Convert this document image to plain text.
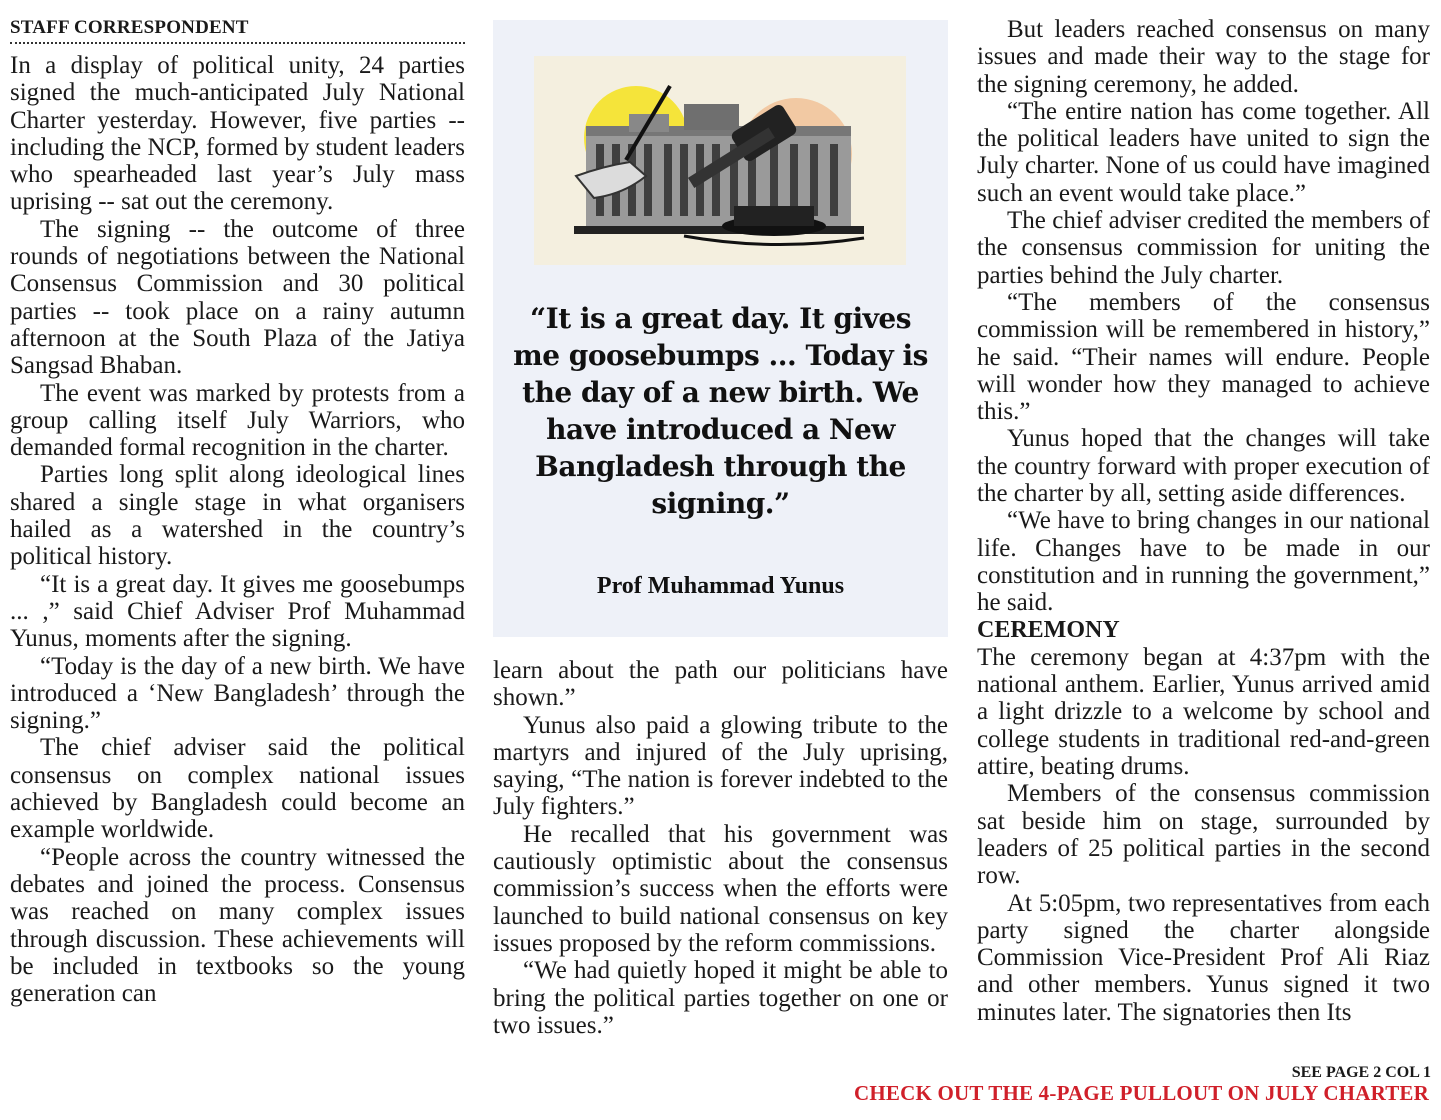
STAFF CORRESPONDENT

In a display of political unity, 24 parties signed the much-anticipated July National Charter yesterday. However, five parties -- including the NCP, formed by student leaders who spearheaded last year’s July mass uprising -- sat out the ceremony.

The signing -- the outcome of three rounds of negotiations between the National Consensus Commission and 30 political parties -- took place on a rainy autumn afternoon at the South Plaza of the Jatiya Sangsad Bhaban.

The event was marked by protests from a group calling itself July Warriors, who demanded formal recognition in the charter.

Parties long split along ideological lines shared a single stage in what organisers hailed as a watershed in the country’s political history.

“It is a great day. It gives me goosebumps ... ,” said Chief Adviser Prof Muhammad Yunus, moments after the signing.

“Today is the day of a new birth. We have introduced a ‘New Bangladesh’ through the signing.”

The chief adviser said the political consensus on complex national issues achieved by Bangladesh could become an example worldwide.

“People across the country witnessed the debates and joined the process. Consensus was reached on many complex issues through discussion. These achievements will be included in textbooks so the young generation can

“It is a great day. It gives me goosebumps ... Today is the day of a new birth. We have introduced a New Bangladesh through the signing.”
Prof Muhammad Yunus

learn about the path our politicians have shown.”

Yunus also paid a glowing tribute to the martyrs and injured of the July uprising, saying, “The nation is forever indebted to the July fighters.”

He recalled that his government was cautiously optimistic about the consensus commission’s success when the efforts were launched to build national consensus on key issues proposed by the reform commissions.

“We had quietly hoped it might be able to bring the political parties together on one or two issues.”

But leaders reached consensus on many issues and made their way to the stage for the signing ceremony, he added.

“The entire nation has come together. All the political leaders have united to sign the July charter. None of us could have imagined such an event would take place.”

The chief adviser credited the members of the consensus commission for uniting the parties behind the July charter.

“The members of the consensus commission will be remembered in history,” he said. “Their names will endure. People will wonder how they managed to achieve this.”

Yunus hoped that the changes will take the country forward with proper execution of the charter by all, setting aside differences.

“We have to bring changes in our national life. Changes have to be made in our constitution and in running the government,” he said.

CEREMONY

The ceremony began at 4:37pm with the national anthem. Earlier, Yunus arrived amid a light drizzle to a welcome by school and college students in traditional red-and-green attire, beating drums.

Members of the consensus commission sat beside him on stage, surrounded by leaders of 25 political parties in the second row.

At 5:05pm, two representatives from each party signed the charter alongside Commission Vice-President Prof Ali Riaz and other members. Yunus signed it two minutes later. The signatories then Its

SEE PAGE 2 COL 1
CHECK OUT THE 4-PAGE PULLOUT ON JULY CHARTER
